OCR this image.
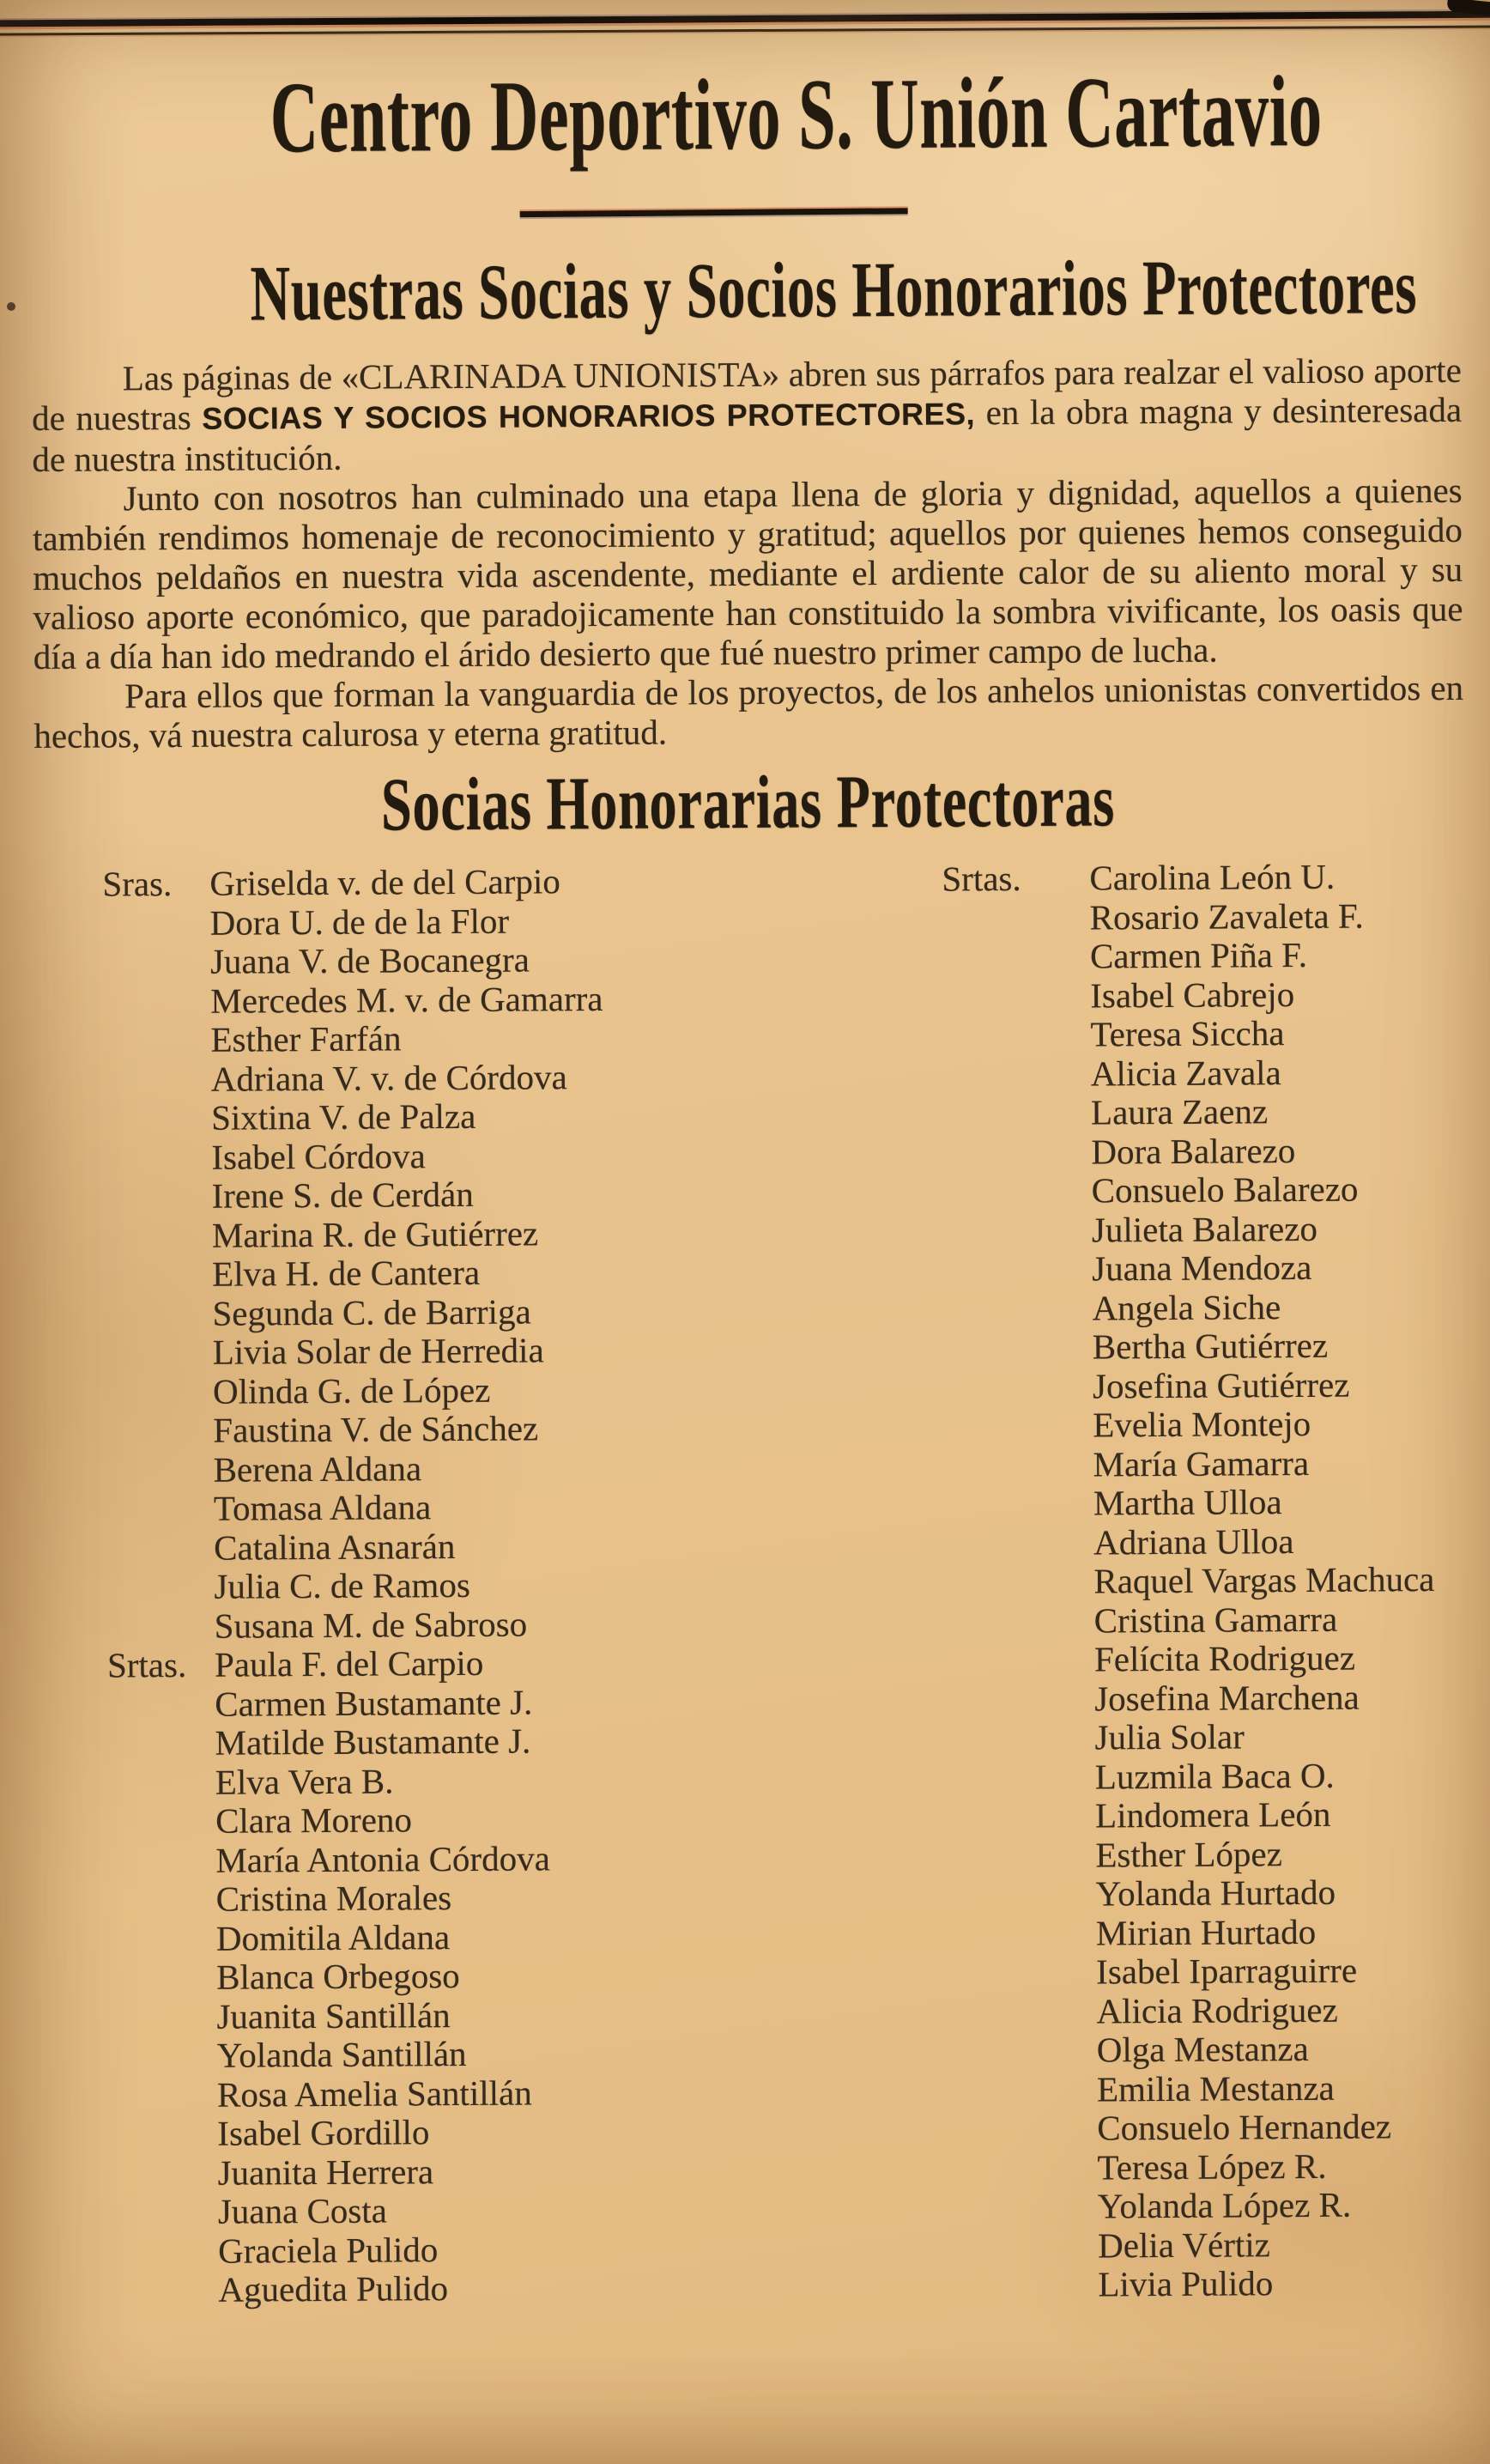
Centro Deportivo S. Unión Cartavio
Nuestras Socias y Socios Honorarios Protectores

Las páginas de «CLARINADA UNIONISTA» abren sus párrafos para realzar el valioso aporte de nuestras SOCIAS Y SOCIOS HONORARIOS PROTECTORES, en la obra magna y desinteresada de nuestra institución.

Junto con nosotros han culminado una etapa llena de gloria y dignidad, aquellos a quienes también rendimos homenaje de reconocimiento y gratitud; aquellos por quienes hemos conseguido muchos peldaños en nuestra vida ascendente, mediante el ardiente calor de su aliento moral y su valioso aporte económico, que paradojicamente han constituido la sombra vivificante, los oasis que día a día han ido medrando el árido desierto que fué nuestro primer campo de lucha.

Para ellos que forman la vanguardia de los proyectos, de los anhelos unionistas convertidos en hechos, vá nuestra calurosa y eterna gratitud.

Socias Honorarias Protectoras
Sras. Griselda v. de del Carpio
Dora U. de de la Flor
Juana V. de Bocanegra
Mercedes M. v. de Gamarra
Esther Farfán
Adriana V. v. de Córdova
Sixtina V. de Palza
Isabel Córdova
Irene S. de Cerdán
Marina R. de Gutiérrez
Elva H. de Cantera
Segunda C. de Barriga
Livia Solar de Herredia
Olinda G. de López
Faustina V. de Sánchez
Berena Aldana
Tomasa Aldana
Catalina Asnarán
Julia C. de Ramos
Susana M. de Sabroso
Srtas. Paula F. del Carpio
Carmen Bustamante J.
Matilde Bustamante J.
Elva Vera B.
Clara Moreno
María Antonia Córdova
Cristina Morales
Domitila Aldana
Blanca Orbegoso
Juanita Santillán
Yolanda Santillán
Rosa Amelia Santillán
Isabel Gordillo
Juanita Herrera
Juana Costa
Graciela Pulido
Aguedita Pulido
Srtas. Carolina León U.
Rosario Zavaleta F.
Carmen Piña F.
Isabel Cabrejo
Teresa Siccha
Alicia Zavala
Laura Zaenz
Dora Balarezo
Consuelo Balarezo
Julieta Balarezo
Juana Mendoza
Angela Siche
Bertha Gutiérrez
Josefina Gutiérrez
Evelia Montejo
María Gamarra
Martha Ulloa
Adriana Ulloa
Raquel Vargas Machuca
Cristina Gamarra
Felícita Rodriguez
Josefina Marchena
Julia Solar
Luzmila Baca O.
Lindomera León
Esther López
Yolanda Hurtado
Mirian Hurtado
Isabel Iparraguirre
Alicia Rodriguez
Olga Mestanza
Emilia Mestanza
Consuelo Hernandez
Teresa López R.
Yolanda López R.
Delia Vértiz
Livia Pulido
